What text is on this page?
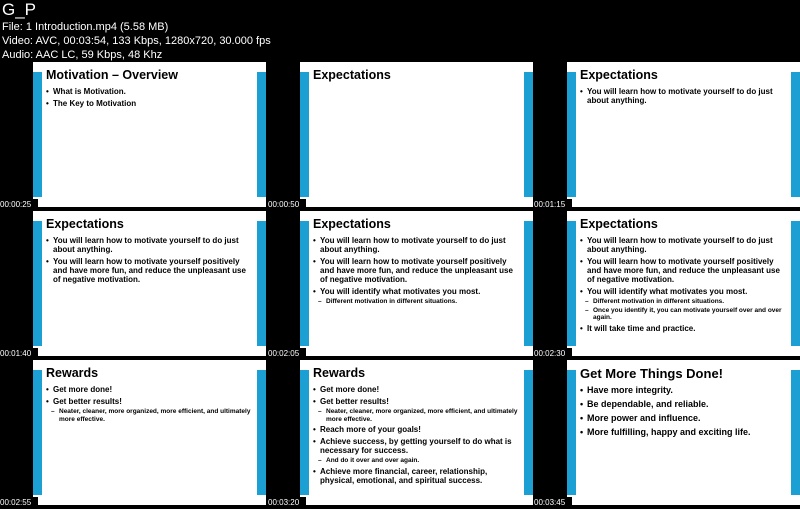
G_P
File: 1 Introduction.mp4 (5.58 MB)
Video: AVC, 00:03:54, 133 Kbps, 1280x720, 30.000 fps
Audio: AAC LC, 59 Kbps, 48 Khz
Motivation – Overview
• What is Motivation.
• The Key to Motivation
00:00:25
Expectations
00:00:50
Expectations
• You will learn how to motivate yourself to do just about anything.
00:01:15
Expectations
• You will learn how to motivate yourself to do just about anything.
• You will learn how to motivate yourself positively and have more fun, and reduce the unpleasant use of negative motivation.
00:01:40
Expectations
• You will learn how to motivate yourself to do just about anything.
• You will learn how to motivate yourself positively and have more fun, and reduce the unpleasant use of negative motivation.
• You will identify what motivates you most.
– Different motivation in different situations.
00:02:05
Expectations
• You will learn how to motivate yourself to do just about anything.
• You will learn how to motivate yourself positively and have more fun, and reduce the unpleasant use of negative motivation.
• You will identify what motivates you most.
– Different motivation in different situations.
– Once you identify it, you can motivate yourself over and over again.
• It will take time and practice.
00:02:30
Rewards
• Get more done!
• Get better results!
– Neater, cleaner, more organized, more efficient, and ultimately more effective.
00:02:55
Rewards
• Get more done!
• Get better results!
– Neater, cleaner, more organized, more efficient, and ultimately more effective.
• Reach more of your goals!
• Achieve success, by getting yourself to do what is necessary for success.
– And do it over and over again.
• Achieve more financial, career, relationship, physical, emotional, and spiritual success.
00:03:20
Get More Things Done!
• Have more integrity.
• Be dependable, and reliable.
• More power and influence.
• More fulfilling, happy and exciting life.
00:03:45
